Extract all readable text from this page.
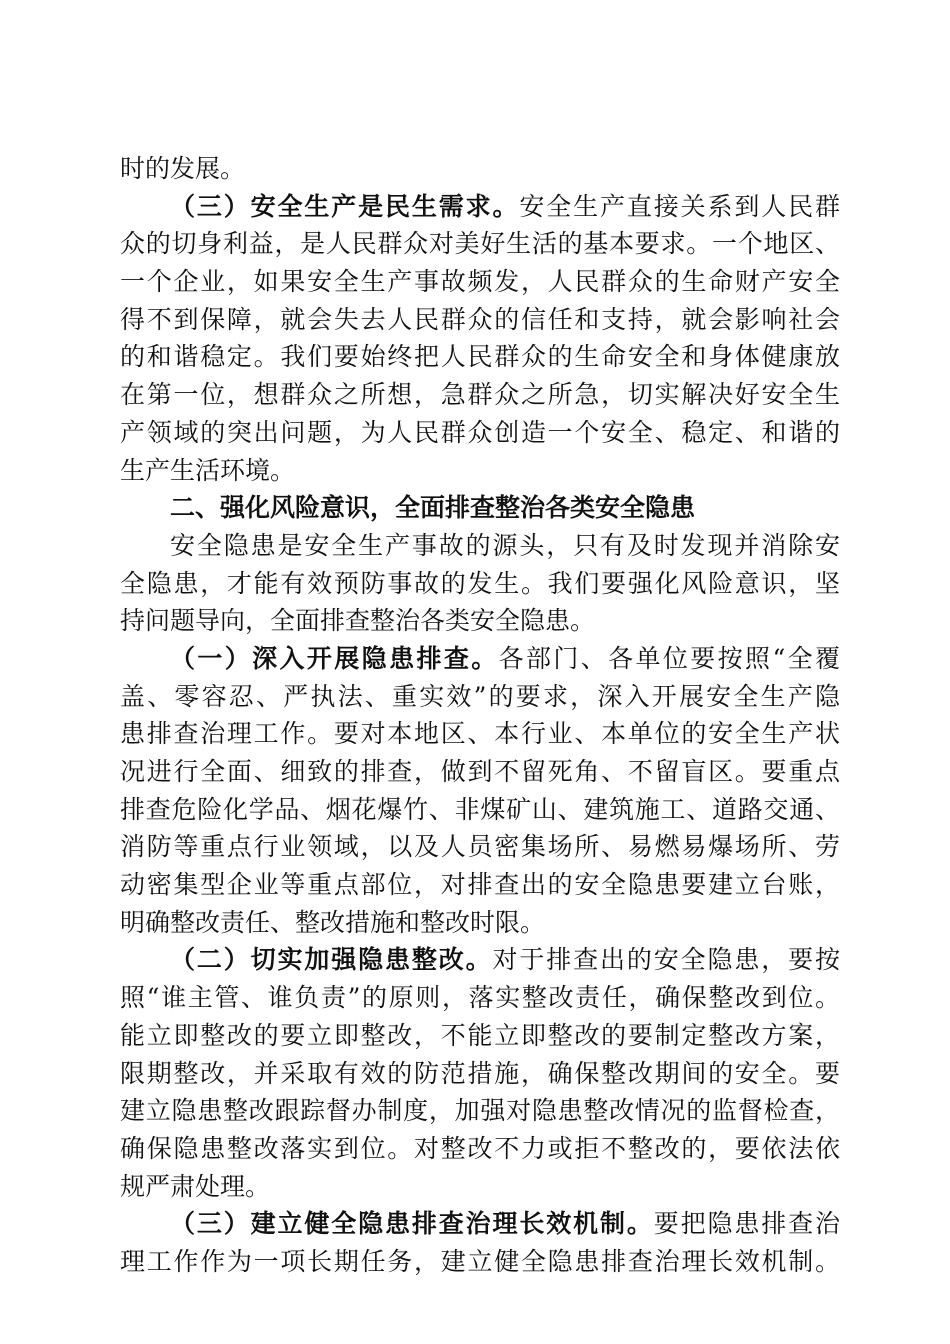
时的发展。
（三）安全生产是民生需求。安全生产直接关系到人民群
众的切身利益，是人民群众对美好生活的基本要求。一个地区、
一个企业，如果安全生产事故频发，人民群众的生命财产安全
得不到保障，就会失去人民群众的信任和支持，就会影响社会
的和谐稳定。我们要始终把人民群众的生命安全和身体健康放
在第一位，想群众之所想，急群众之所急，切实解决好安全生
产领域的突出问题，为人民群众创造一个安全、稳定、和谐的
生产生活环境。
二、强化风险意识，全面排查整治各类安全隐患
安全隐患是安全生产事故的源头，只有及时发现并消除安
全隐患，才能有效预防事故的发生。我们要强化风险意识，坚
持问题导向，全面排查整治各类安全隐患。
（一）深入开展隐患排查。各部门、各单位要按照“全覆
盖、零容忍、严执法、重实效”的要求，深入开展安全生产隐
患排查治理工作。要对本地区、本行业、本单位的安全生产状
况进行全面、细致的排查，做到不留死角、不留盲区。要重点
排查危险化学品、烟花爆竹、非煤矿山、建筑施工、道路交通、
消防等重点行业领域，以及人员密集场所、易燃易爆场所、劳
动密集型企业等重点部位，对排查出的安全隐患要建立台账，
明确整改责任、整改措施和整改时限。
（二）切实加强隐患整改。对于排查出的安全隐患，要按
照“谁主管、谁负责”的原则，落实整改责任，确保整改到位。
能立即整改的要立即整改，不能立即整改的要制定整改方案，
限期整改，并采取有效的防范措施，确保整改期间的安全。要
建立隐患整改跟踪督办制度，加强对隐患整改情况的监督检查，
确保隐患整改落实到位。对整改不力或拒不整改的，要依法依
规严肃处理。
（三）建立健全隐患排查治理长效机制。要把隐患排查治
理工作作为一项长期任务，建立健全隐患排查治理长效机制。
